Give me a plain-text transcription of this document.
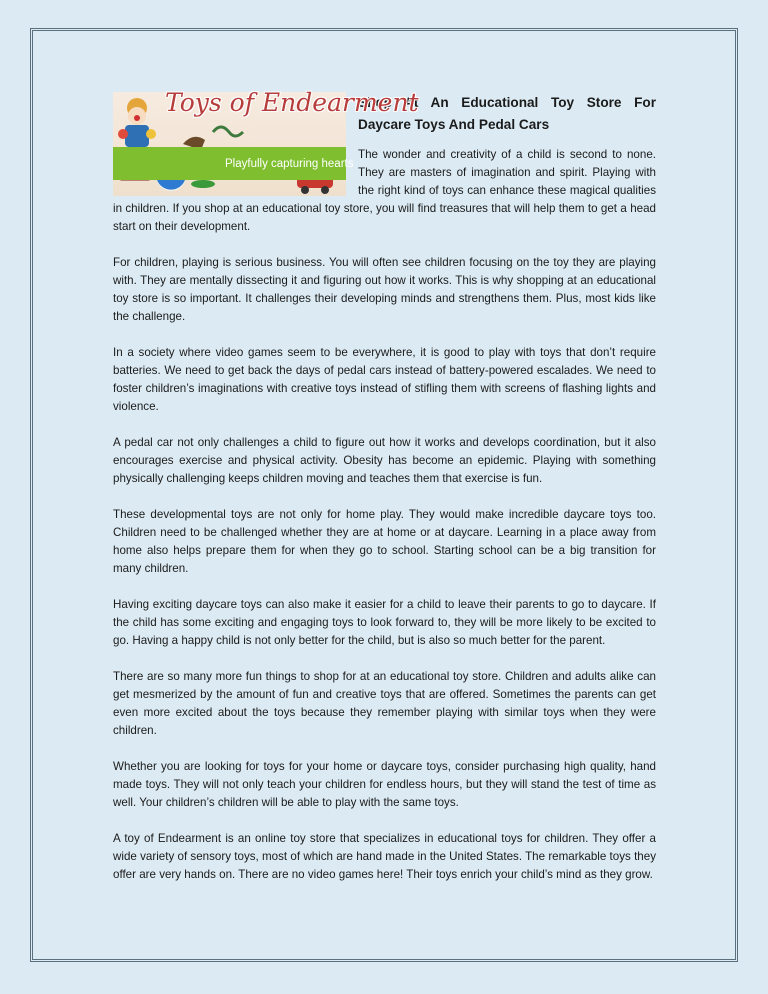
Toys of Endearment
Playfully capturing hearts
Shop At An Educational Toy Store For Daycare Toys And Pedal Cars

The wonder and creativity of a child is second to none. They are masters of imagination and spirit. Playing with the right kind of toys can enhance these magical qualities in children. If you shop at an educational toy store, you will find treasures that will help them to get a head start on their development.

For children, playing is serious business. You will often see children focusing on the toy they are playing with. They are mentally dissecting it and figuring out how it works. This is why shopping at an educational toy store is so important. It challenges their developing minds and strengthens them. Plus, most kids like the challenge.

In a society where video games seem to be everywhere, it is good to play with toys that don’t require batteries. We need to get back the days of pedal cars instead of battery-powered escalades. We need to foster children’s imaginations with creative toys instead of stifling them with screens of flashing lights and violence.

A pedal car not only challenges a child to figure out how it works and develops coordination, but it also encourages exercise and physical activity. Obesity has become an epidemic. Playing with something physically challenging keeps children moving and teaches them that exercise is fun.

These developmental toys are not only for home play. They would make incredible daycare toys too. Children need to be challenged whether they are at home or at daycare. Learning in a place away from home also helps prepare them for when they go to school. Starting school can be a big transition for many children.

Having exciting daycare toys can also make it easier for a child to leave their parents to go to daycare. If the child has some exciting and engaging toys to look forward to, they will be more likely to be excited to go. Having a happy child is not only better for the child, but is also so much better for the parent.

There are so many more fun things to shop for at an educational toy store. Children and adults alike can get mesmerized by the amount of fun and creative toys that are offered. Sometimes the parents can get even more excited about the toys because they remember playing with similar toys when they were children.

Whether you are looking for toys for your home or daycare toys, consider purchasing high quality, hand made toys. They will not only teach your children for endless hours, but they will stand the test of time as well. Your children’s children will be able to play with the same toys.

A toy of Endearment is an online toy store that specializes in educational toys for children. They offer a wide variety of sensory toys, most of which are hand made in the United States. The remarkable toys they offer are very hands on. There are no video games here! Their toys enrich your child’s mind as they grow.
